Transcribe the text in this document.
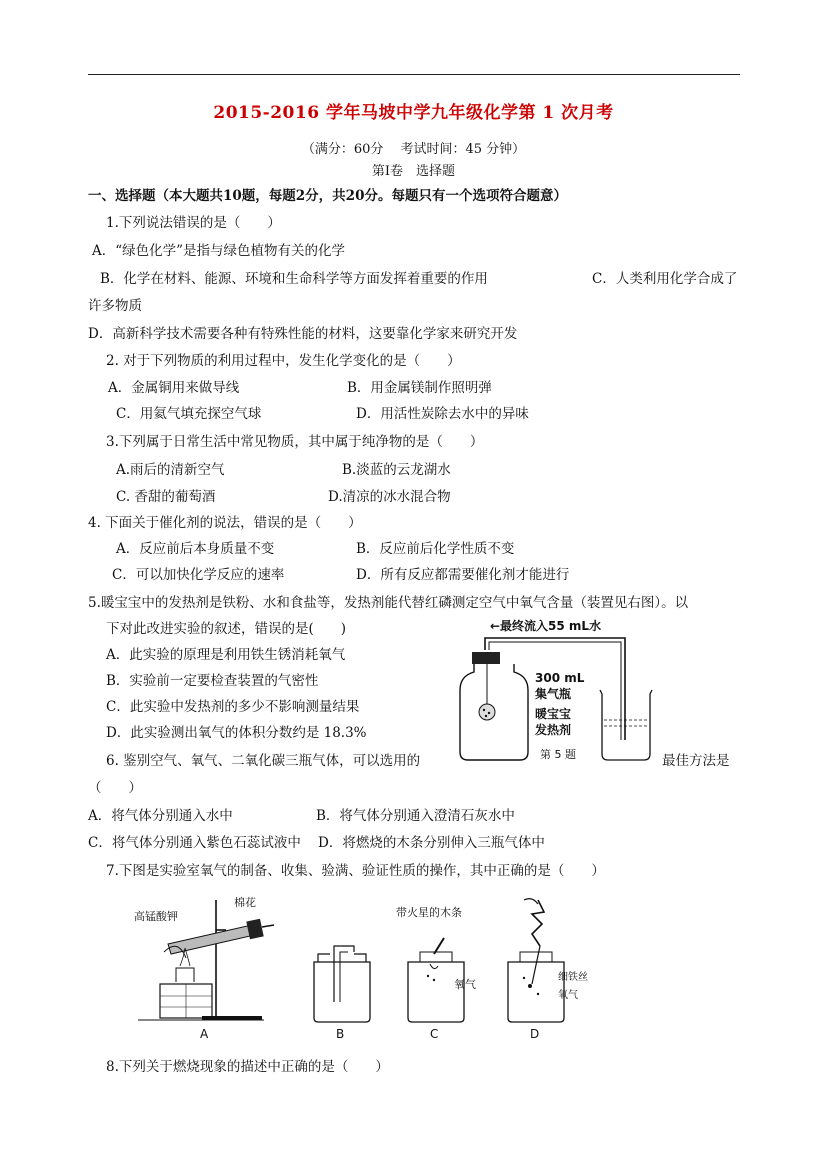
2015-2016 学年马坡中学九年级化学第 1 次月考
（满分：60分　 考试时间：45 分钟）
第Ⅰ卷　选择题
一、选择题（本大题共10题，每题2分，共20分。每题只有一个选项符合题意）
1.下列说法错误的是（　　）
A．“绿色化学”是指与绿色植物有关的化学
B．化学在材料、能源、环境和生命科学等方面发挥着重要的作用	C．人类利用化学合成了
许多物质
D．高新科学技术需要各种有特殊性能的材料，这要靠化学家来研究开发
2. 对于下列物质的利用过程中，发生化学变化的是（　　）
A．金属铜用来做导线	B．用金属镁制作照明弹
C．用氦气填充探空气球	D．用活性炭除去水中的异味
3.下列属于日常生活中常见物质，其中属于纯净物的是（　　）
A.雨后的清新空气	B.淡蓝的云龙湖水
C. 香甜的葡萄酒	D.清凉的冰水混合物
4. 下面关于催化剂的说法，错误的是（　　）
A．反应前后本身质量不变	B．反应前后化学性质不变
C．可以加快化学反应的速率	D．所有反应都需要催化剂才能进行
5.暖宝宝中的发热剂是铁粉、水和食盐等，发热剂能代替红磷测定空气中氧气含量（装置见右图）。以
下对此改进实验的叙述，错误的是(　　)
A．此实验的原理是利用铁生锈消耗氧气
B．实验前一定要检查装置的气密性
C．此实验中发热剂的多少不影响测量结果
D．此实验测出氧气的体积分数约是 18.3%
←最终流入55 mL水
300 mL
集气瓶
暖宝宝
发热剂
第 5 题
6. 鉴别空气、氧气、二氧化碳三瓶气体，可以选用的	最佳方法是
（　　）
A．将气体分别通入水中	B．将气体分别通入澄清石灰水中
C．将气体分别通入紫色石蕊试液中 D．将燃烧的木条分别伸入三瓶气体中
7.下图是实验室氧气的制备、收集、验满、验证性质的操作，其中正确的是（　　）
高锰酸钾
棉花
A	B
带火星的木条
氧气
C
细铁丝
氧气
D
8.下列关于燃烧现象的描述中正确的是（　　）
